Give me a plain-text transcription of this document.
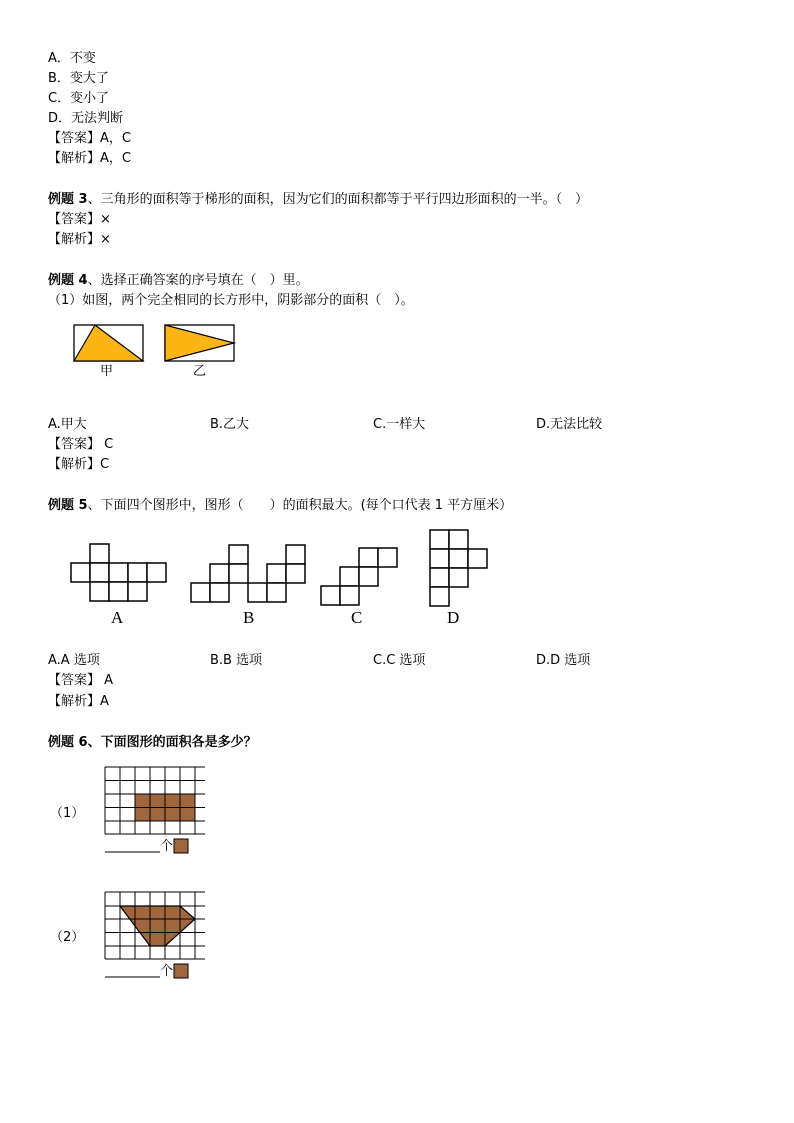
A．不变
B．变大了
C．变小了
D．无法判断
【答案】A，C
【解析】A，C
例题 3、三角形的面积等于梯形的面积，因为它们的面积都等于平行四边形面积的一半。（　）
【答案】×
【解析】×
例题 4、选择正确答案的序号填在（　）里。
（1）如图，两个完全相同的长方形中，阴影部分的面积（　）。
甲	乙
A.甲大	B.乙大	C.一样大	D.无法比较
【答案】 C
【解析】C
例题 5、下面四个图形中，图形（　　）的面积最大。(每个口代表 1 平方厘米）
A	B	C	D
A.A 选项	B.B 选项	C.C 选项	D.D 选项
【答案】 A
【解析】A
例题 6、下面图形的面积各是多少？
（1）
个
（2）
个
